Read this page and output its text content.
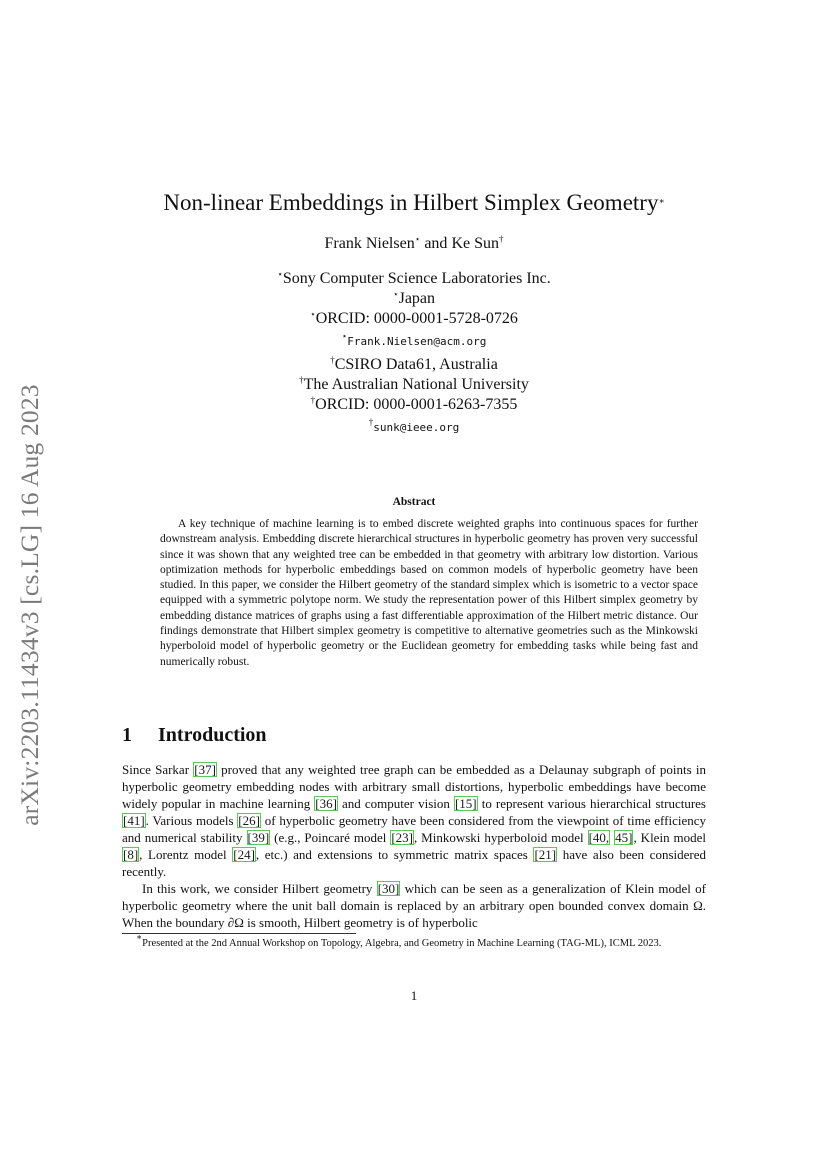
arXiv:2203.11434v3 [cs.LG] 16 Aug 2023
Non-linear Embeddings in Hilbert Simplex Geometry∗
Frank Nielsen⋆ and Ke Sun†
⋆Sony Computer Science Laboratories Inc.
⋆Japan
⋆ORCID: 0000-0001-5728-0726
⋆Frank.Nielsen@acm.org
†CSIRO Data61, Australia
†The Australian National University
†ORCID: 0000-0001-6263-7355
†sunk@ieee.org
Abstract
A key technique of machine learning is to embed discrete weighted graphs into continuous spaces for further downstream analysis. Embedding discrete hierarchical structures in hyperbolic geometry has proven very successful since it was shown that any weighted tree can be embedded in that geometry with arbitrary low distortion. Various optimization methods for hyperbolic embeddings based on common models of hyperbolic geometry have been studied. In this paper, we consider the Hilbert geometry of the standard simplex which is isometric to a vector space equipped with a symmetric polytope norm. We study the representation power of this Hilbert simplex geometry by embedding distance matrices of graphs using a fast differentiable approximation of the Hilbert metric distance. Our findings demonstrate that Hilbert simplex geometry is competitive to alternative geometries such as the Minkowski hyperboloid model of hyperbolic geometry or the Euclidean geometry for embedding tasks while being fast and numerically robust.
1 Introduction

Since Sarkar [37] proved that any weighted tree graph can be embedded as a Delaunay subgraph of points in hyperbolic geometry embedding nodes with arbitrary small distortions, hyperbolic embeddings have become widely popular in machine learning [36] and computer vision [15] to represent various hierarchical structures [41]. Various models [26] of hyperbolic geometry have been considered from the viewpoint of time efficiency and numerical stability [39] (e.g., Poincaré model [23], Minkowski hyperboloid model [40, 45], Klein model [8], Lorentz model [24], etc.) and extensions to symmetric matrix spaces [21] have also been considered recently.

In this work, we consider Hilbert geometry [30] which can be seen as a generalization of Klein model of hyperbolic geometry where the unit ball domain is replaced by an arbitrary open bounded convex domain Ω. When the boundary ∂Ω is smooth, Hilbert geometry is of hyperbolic

∗Presented at the 2nd Annual Workshop on Topology, Algebra, and Geometry in Machine Learning (TAG-ML), ICML 2023.
1
